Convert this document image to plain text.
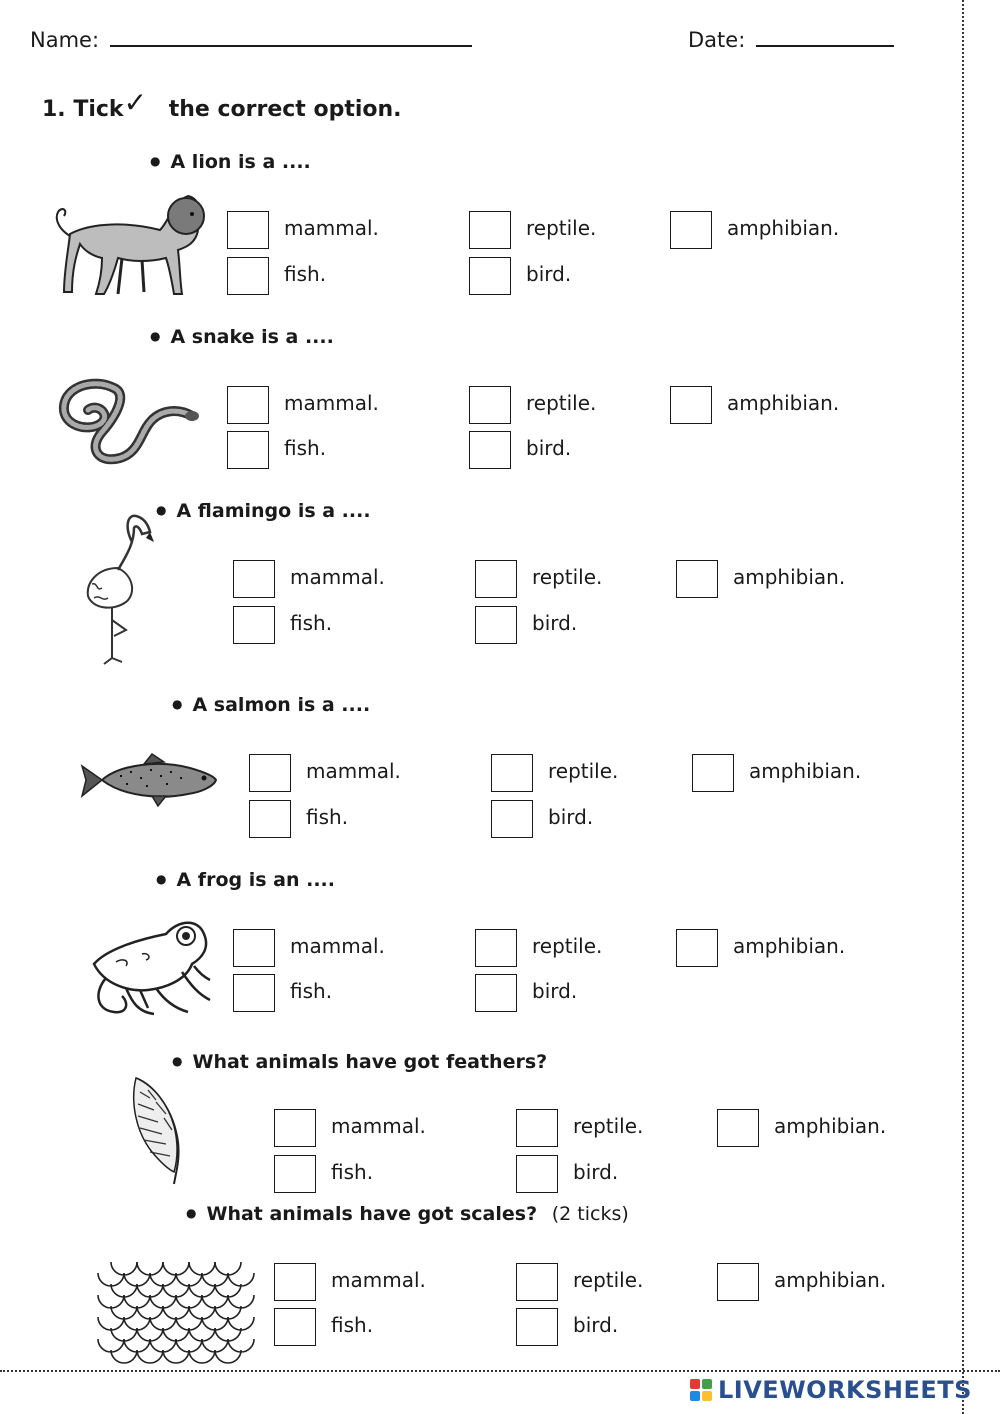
Name:	Date:
1. Tick✓ the correct option.
● A lion is a ....
mammal.	reptile.	amphibian.
fish.	bird.
● A snake is a ....
mammal.	reptile.	amphibian.
fish.	bird.
● A flamingo is a ....
mammal.	reptile.	amphibian.
fish.	bird.
● A salmon is a ....
mammal.	reptile.	amphibian.
fish.	bird.
● A frog is an ....
mammal.	reptile.	amphibian.
fish.	bird.
● What animals have got feathers?
mammal.	reptile.	amphibian.
fish.	bird.
● What animals have got scales? (2 ticks)
mammal.	reptile.	amphibian.
fish.	bird.
LIVEWORKSHEETS
